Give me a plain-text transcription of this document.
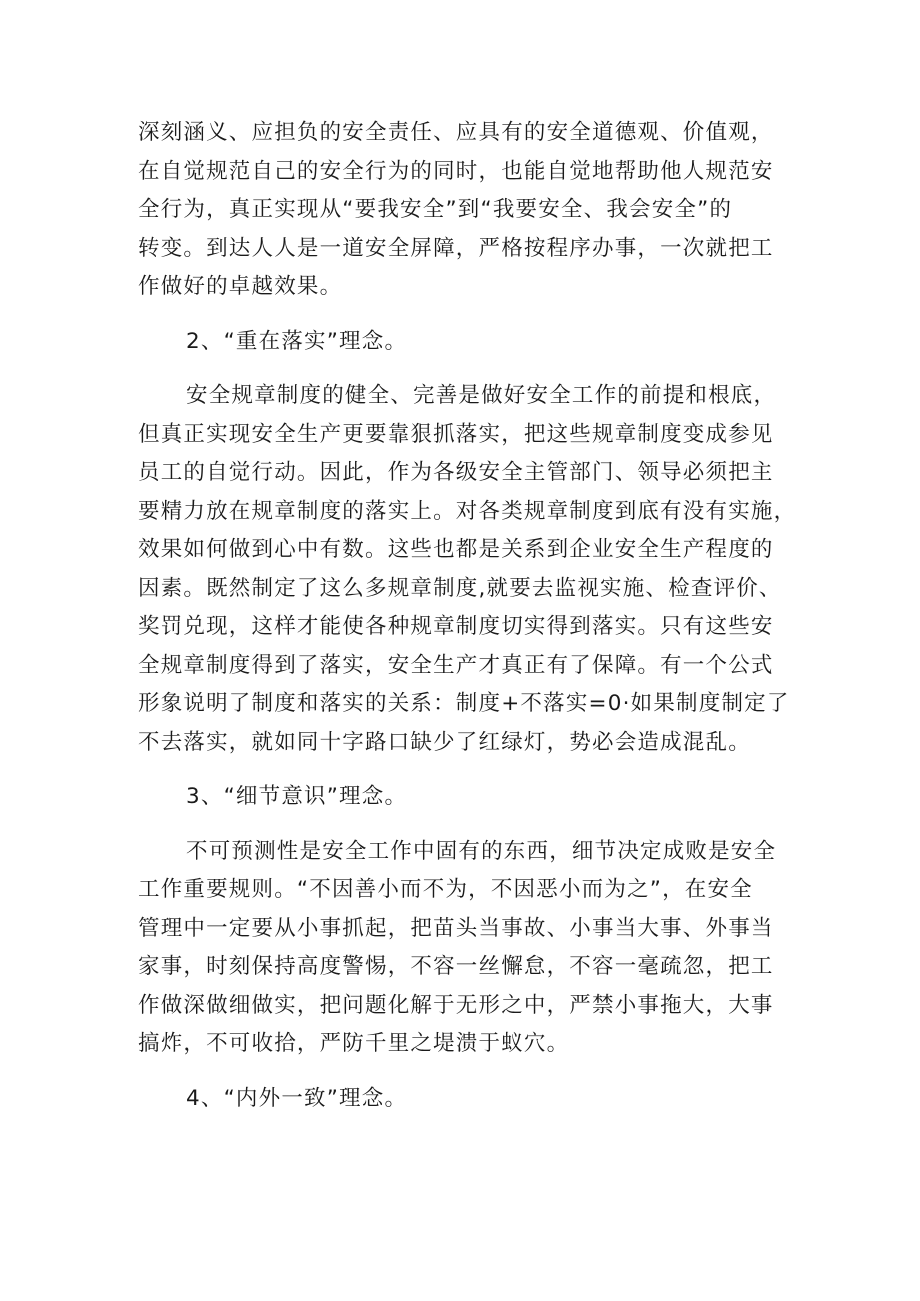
深刻涵义、应担负的安全责任、应具有的安全道德观、价值观，
在自觉规范自己的安全行为的同时，也能自觉地帮助他人规范安
全行为，真正实现从“要我安全”到“我要安全、我会安全”的
转变。到达人人是一道安全屏障，严格按程序办事，一次就把工
作做好的卓越效果。
2、“重在落实”理念。
安全规章制度的健全、完善是做好安全工作的前提和根底，
但真正实现安全生产更要靠狠抓落实，把这些规章制度变成参见
员工的自觉行动。因此，作为各级安全主管部门、领导必须把主
要精力放在规章制度的落实上。对各类规章制度到底有没有实施，
效果如何做到心中有数。这些也都是关系到企业安全生产程度的
因素。既然制定了这么多规章制度,就要去监视实施、检查评价、
奖罚兑现，这样才能使各种规章制度切实得到落实。只有这些安
全规章制度得到了落实，安全生产才真正有了保障。有一个公式
形象说明了制度和落实的关系：制度+不落实=0·如果制度制定了
不去落实，就如同十字路口缺少了红绿灯，势必会造成混乱。
3、“细节意识”理念。
不可预测性是安全工作中固有的东西，细节决定成败是安全
工作重要规则。“不因善小而不为，不因恶小而为之”，在安全
管理中一定要从小事抓起，把苗头当事故、小事当大事、外事当
家事，时刻保持高度警惕，不容一丝懈怠，不容一毫疏忽，把工
作做深做细做实，把问题化解于无形之中，严禁小事拖大，大事
搞炸，不可收拾，严防千里之堤溃于蚁穴。
4、“内外一致”理念。
